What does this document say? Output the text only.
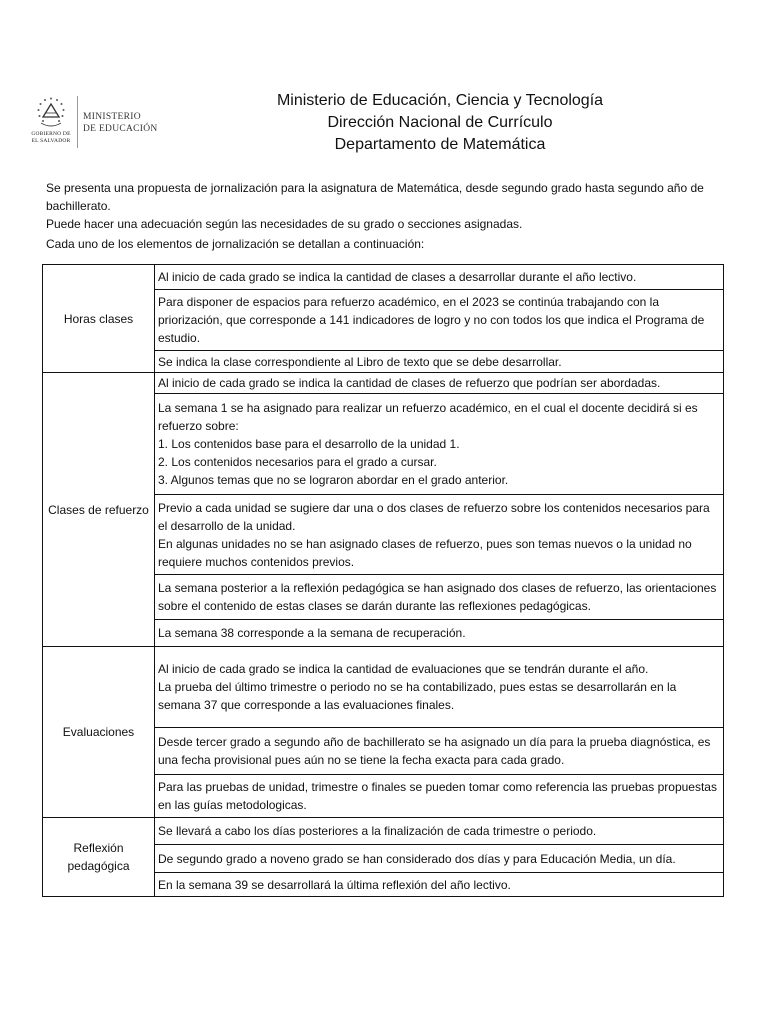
GOBIERNO DE
EL SALVADOR
MINISTERIO
DE EDUCACIÓN
Ministerio de Educación, Ciencia y Tecnología
Dirección Nacional de Currículo
Departamento de Matemática

Se presenta una propuesta de jornalización para la asignatura de Matemática, desde segundo grado hasta segundo año de bachillerato.

Puede hacer una adecuación según las necesidades de su grado o secciones asignadas.

Cada uno de los elementos de jornalización se detallan a continuación:

Horas clases
Al inicio de cada grado se indica la cantidad de clases a desarrollar durante el año lectivo.
Para disponer de espacios para refuerzo académico, en el 2023 se continúa trabajando con la priorización, que corresponde a 141 indicadores de logro y no con todos los que indica el Programa de estudio.
Se indica la clase correspondiente al Libro de texto que se debe desarrollar.
Clases de refuerzo
Al inicio de cada grado se indica la cantidad de clases de refuerzo que podrían ser abordadas.
La semana 1 se ha asignado para realizar un refuerzo académico, en el cual el docente decidirá si es refuerzo sobre:
1. Los contenidos base para el desarrollo de la unidad 1.
2. Los contenidos necesarios para el grado a cursar.
3. Algunos temas que no se lograron abordar en el grado anterior.
Previo a cada unidad se sugiere dar una o dos clases de refuerzo sobre los contenidos necesarios para el desarrollo de la unidad.
En algunas unidades no se han asignado clases de refuerzo, pues son temas nuevos o la unidad no requiere muchos contenidos previos.
La semana posterior a la reflexión pedagógica se han asignado dos clases de refuerzo, las orientaciones sobre el contenido de estas clases se darán durante las reflexiones pedagógicas.
La semana 38 corresponde a la semana de recuperación.
Evaluaciones
Al inicio de cada grado se indica la cantidad de evaluaciones que se tendrán durante el año.
La prueba del último trimestre o periodo no se ha contabilizado, pues estas se desarrollarán en la semana 37 que corresponde a las evaluaciones finales.
Desde tercer grado a segundo año de bachillerato se ha asignado un día para la prueba diagnóstica, es una fecha provisional pues aún no se tiene la fecha exacta para cada grado.
Para las pruebas de unidad, trimestre o finales se pueden tomar como referencia las pruebas propuestas en las guías metodologicas.
Reflexión pedagógica
Se llevará a cabo los días posteriores a la finalización de cada trimestre o periodo.
De segundo grado a noveno grado se han considerado dos días y para Educación Media, un día.
En la semana 39 se desarrollará la última reflexión del año lectivo.
